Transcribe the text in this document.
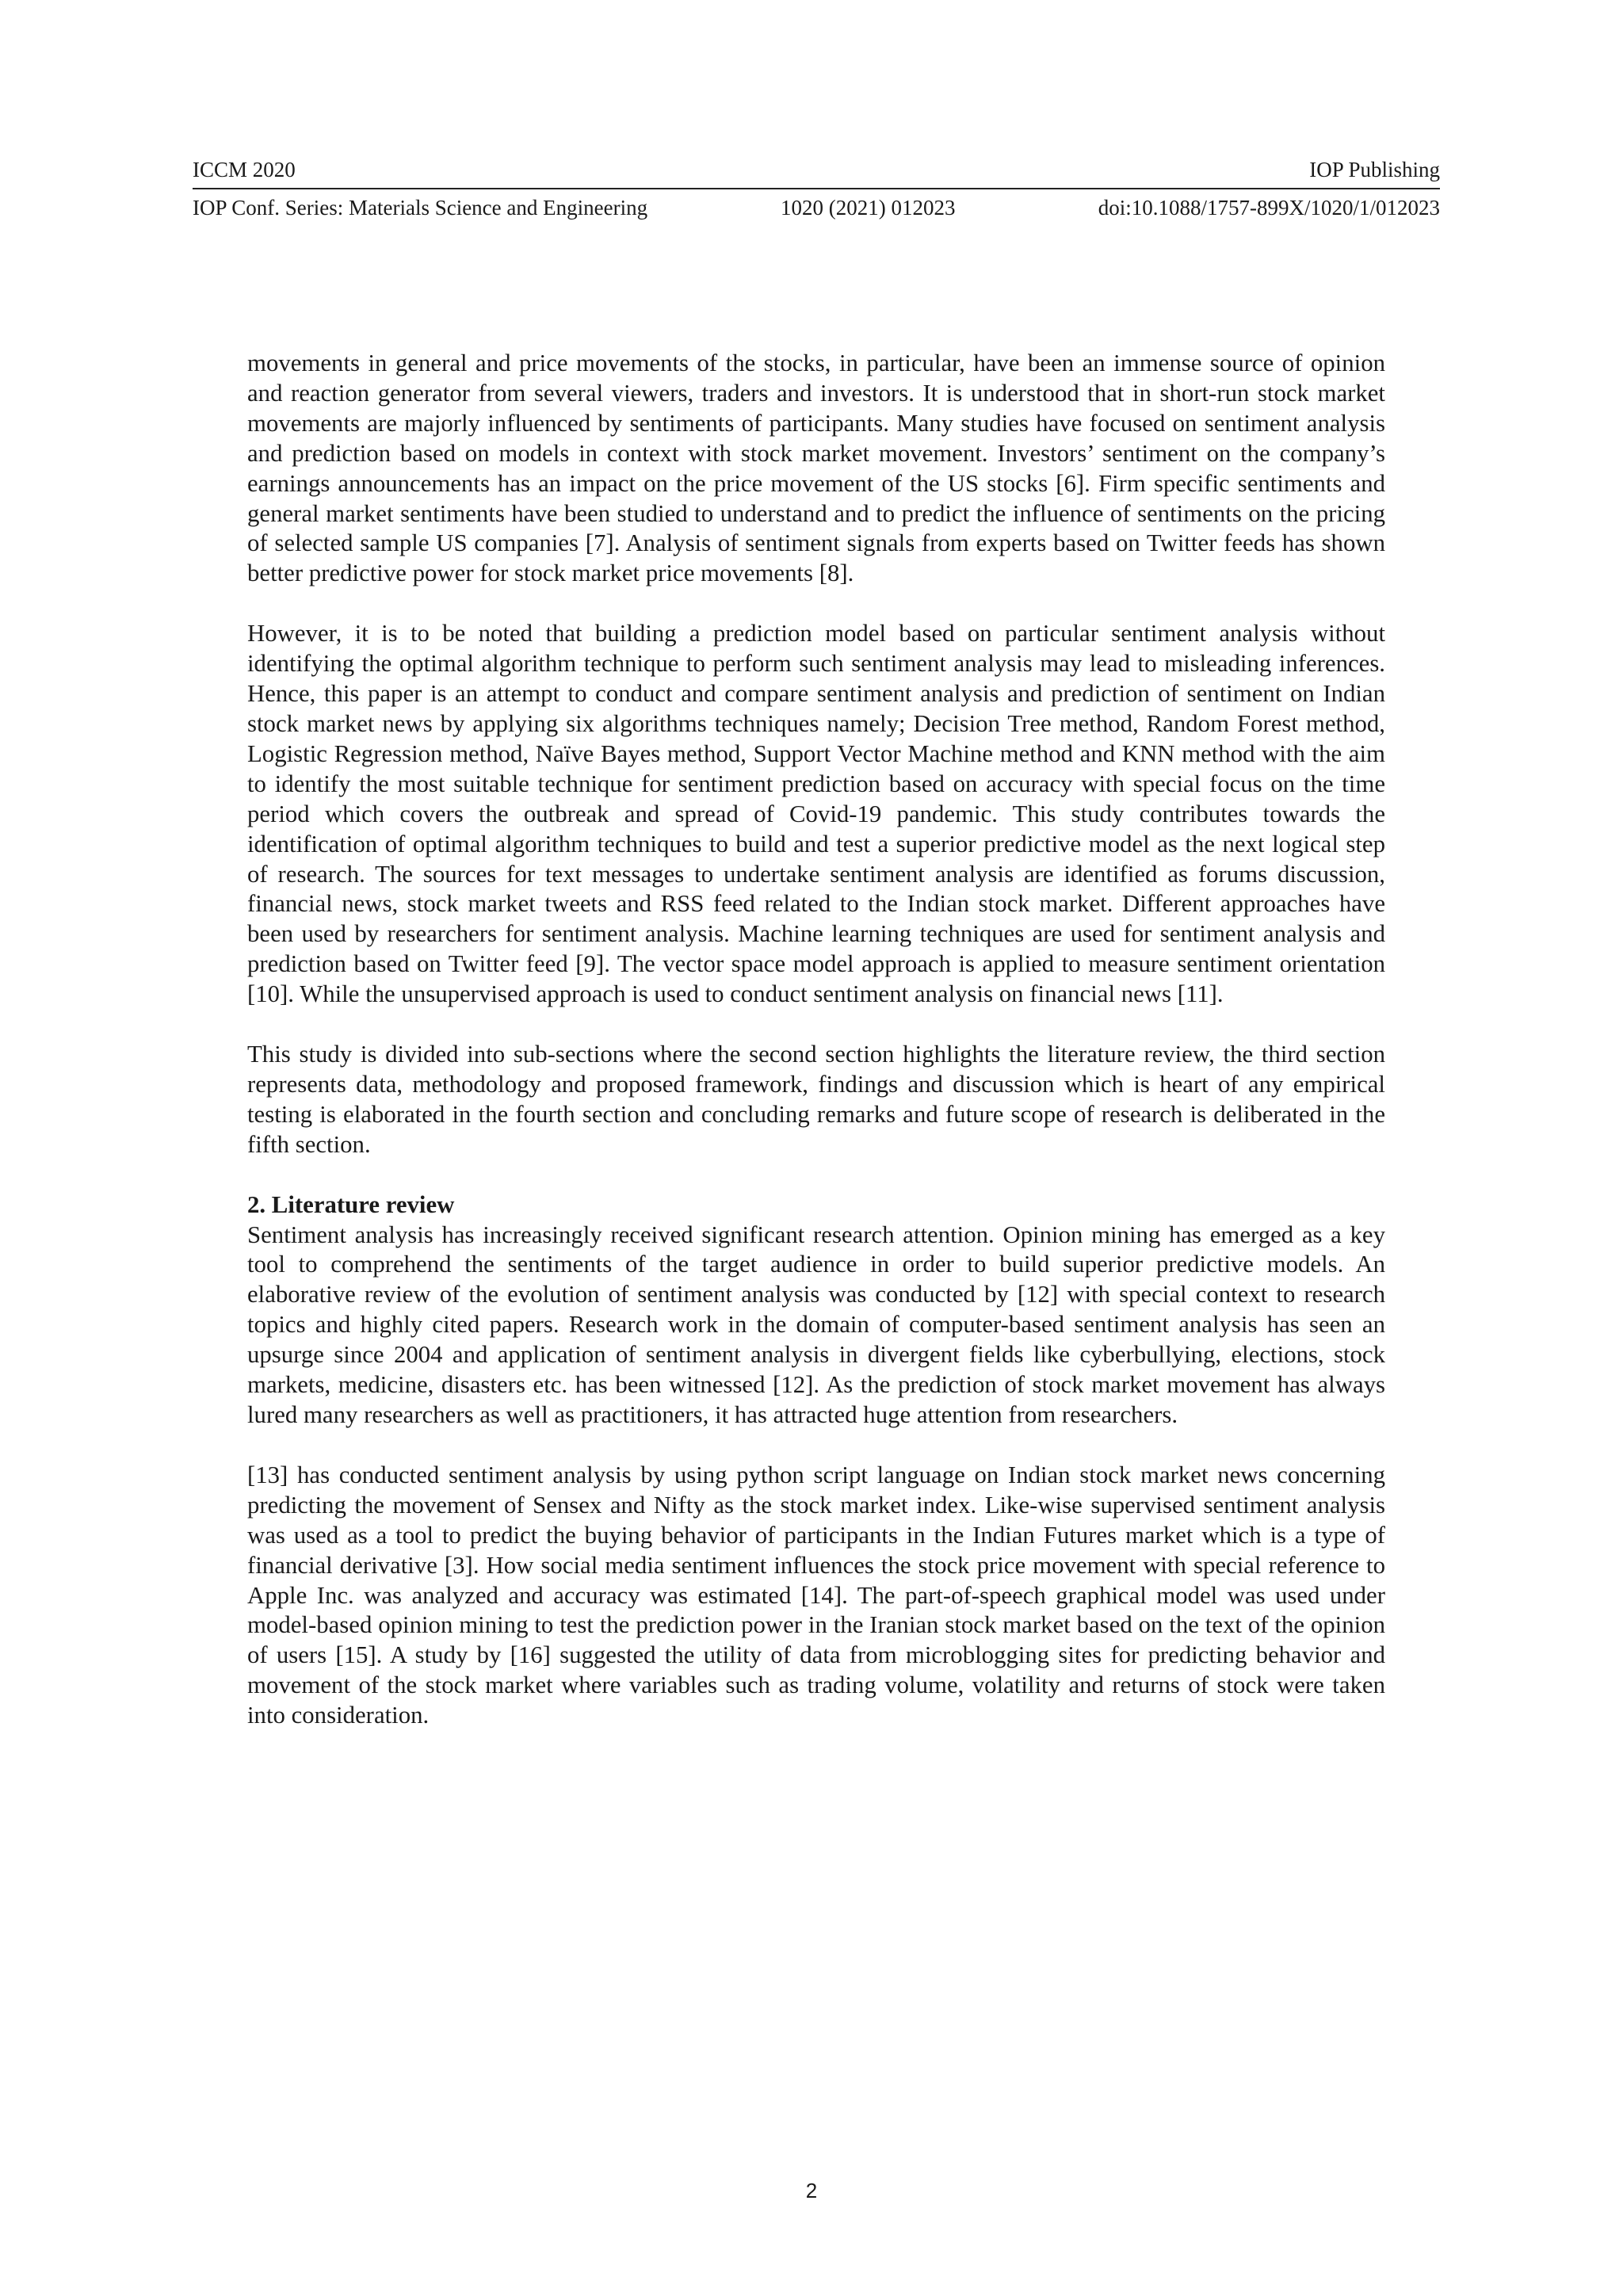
ICCM 2020	IOP Publishing
IOP Conf. Series: Materials Science and Engineering	1020 (2021) 012023	doi:10.1088/1757-899X/1020/1/012023

movements in general and price movements of the stocks, in particular, have been an immense source of opinion and reaction generator from several viewers, traders and investors. It is understood that in short-run stock market movements are majorly influenced by sentiments of participants. Many studies have focused on sentiment analysis and prediction based on models in context with stock market movement. Investors’ sentiment on the company’s earnings announcements has an impact on the price movement of the US stocks [6]. Firm specific sentiments and general market sentiments have been studied to understand and to predict the influence of sentiments on the pricing of selected sample US companies [7]. Analysis of sentiment signals from experts based on Twitter feeds has shown better predictive power for stock market price movements [8].

However, it is to be noted that building a prediction model based on particular sentiment analysis without identifying the optimal algorithm technique to perform such sentiment analysis may lead to misleading inferences. Hence, this paper is an attempt to conduct and compare sentiment analysis and prediction of sentiment on Indian stock market news by applying six algorithms techniques namely; Decision Tree method, Random Forest method, Logistic Regression method, Naïve Bayes method, Support Vector Machine method and KNN method with the aim to identify the most suitable technique for sentiment prediction based on accuracy with special focus on the time period which covers the outbreak and spread of Covid-19 pandemic. This study contributes towards the identification of optimal algorithm techniques to build and test a superior predictive model as the next logical step of research. The sources for text messages to undertake sentiment analysis are identified as forums discussion, financial news, stock market tweets and RSS feed related to the Indian stock market. Different approaches have been used by researchers for sentiment analysis. Machine learning techniques are used for sentiment analysis and prediction based on Twitter feed [9]. The vector space model approach is applied to measure sentiment orientation [10]. While the unsupervised approach is used to conduct sentiment analysis on financial news [11].

This study is divided into sub-sections where the second section highlights the literature review, the third section represents data, methodology and proposed framework, findings and discussion which is heart of any empirical testing is elaborated in the fourth section and concluding remarks and future scope of research is deliberated in the fifth section.

2. Literature review

Sentiment analysis has increasingly received significant research attention. Opinion mining has emerged as a key tool to comprehend the sentiments of the target audience in order to build superior predictive models. An elaborative review of the evolution of sentiment analysis was conducted by [12] with special context to research topics and highly cited papers. Research work in the domain of computer-based sentiment analysis has seen an upsurge since 2004 and application of sentiment analysis in divergent fields like cyberbullying, elections, stock markets, medicine, disasters etc. has been witnessed [12]. As the prediction of stock market movement has always lured many researchers as well as practitioners, it has attracted huge attention from researchers.

[13] has conducted sentiment analysis by using python script language on Indian stock market news concerning predicting the movement of Sensex and Nifty as the stock market index. Like-wise supervised sentiment analysis was used as a tool to predict the buying behavior of participants in the Indian Futures market which is a type of financial derivative [3]. How social media sentiment influences the stock price movement with special reference to Apple Inc. was analyzed and accuracy was estimated [14]. The part-of-speech graphical model was used under model-based opinion mining to test the prediction power in the Iranian stock market based on the text of the opinion of users [15]. A study by [16] suggested the utility of data from microblogging sites for predicting behavior and movement of the stock market where variables such as trading volume, volatility and returns of stock were taken into consideration.

2
